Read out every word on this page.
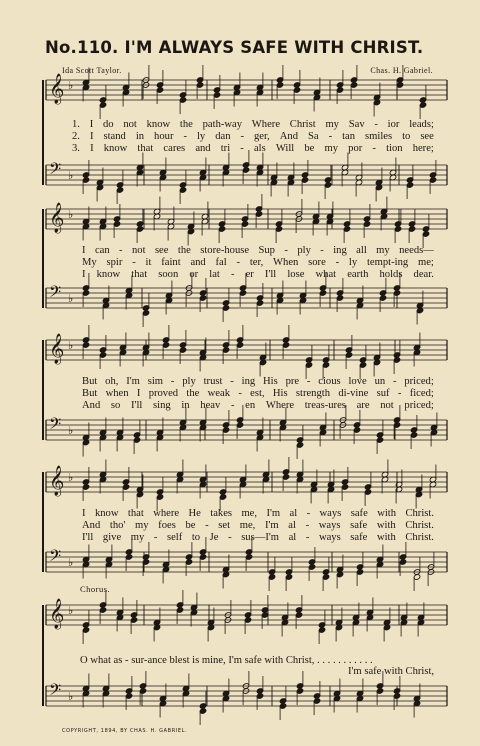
No.110. I'M ALWAYS SAFE WITH CHRIST.
Ida Scott Taylor.	Chas. H. Gabriel.
𝄞 ♭
𝄢 ♭
𝄞 ♭
𝄢 ♭
𝄞 ♭
𝄢 ♭
𝄞 ♭
𝄢 ♭
𝄞 ♭
𝄢 ♭
Chorus.
O what as - sur-ance blest is mine, I'm safe with Christ, . . . . . . . . . . .
I'm safe with Christ,
COPYRIGHT, 1894, BY CHAS. H. GABRIEL.
1. I do not know the path-way Where Christ my Sav - ior leads;
2. I stand in hour - ly dan - ger, And Sa - tan smiles to see
3. I know that cares and tri - als Will be my por - tion here;
I can - not see the store-house Sup - ply - ing all my needs—
My spir - it faint and fal - ter, When sore - ly tempt-ing me;
I know that soon or lat - er I'll lose what earth holds dear.
But oh, I'm sim - ply trust - ing His pre - cious love un - priced;
But when I proved the weak - est, His strength di-vine suf - ficed;
And so I'll sing in heav - en Where treas-ures are not priced;
I know that where He takes me, I'm al - ways safe with Christ.
And tho' my foes be - set me, I'm al - ways safe with Christ.
I'll give my - self to Je - sus—I'm al - ways safe with Christ.
